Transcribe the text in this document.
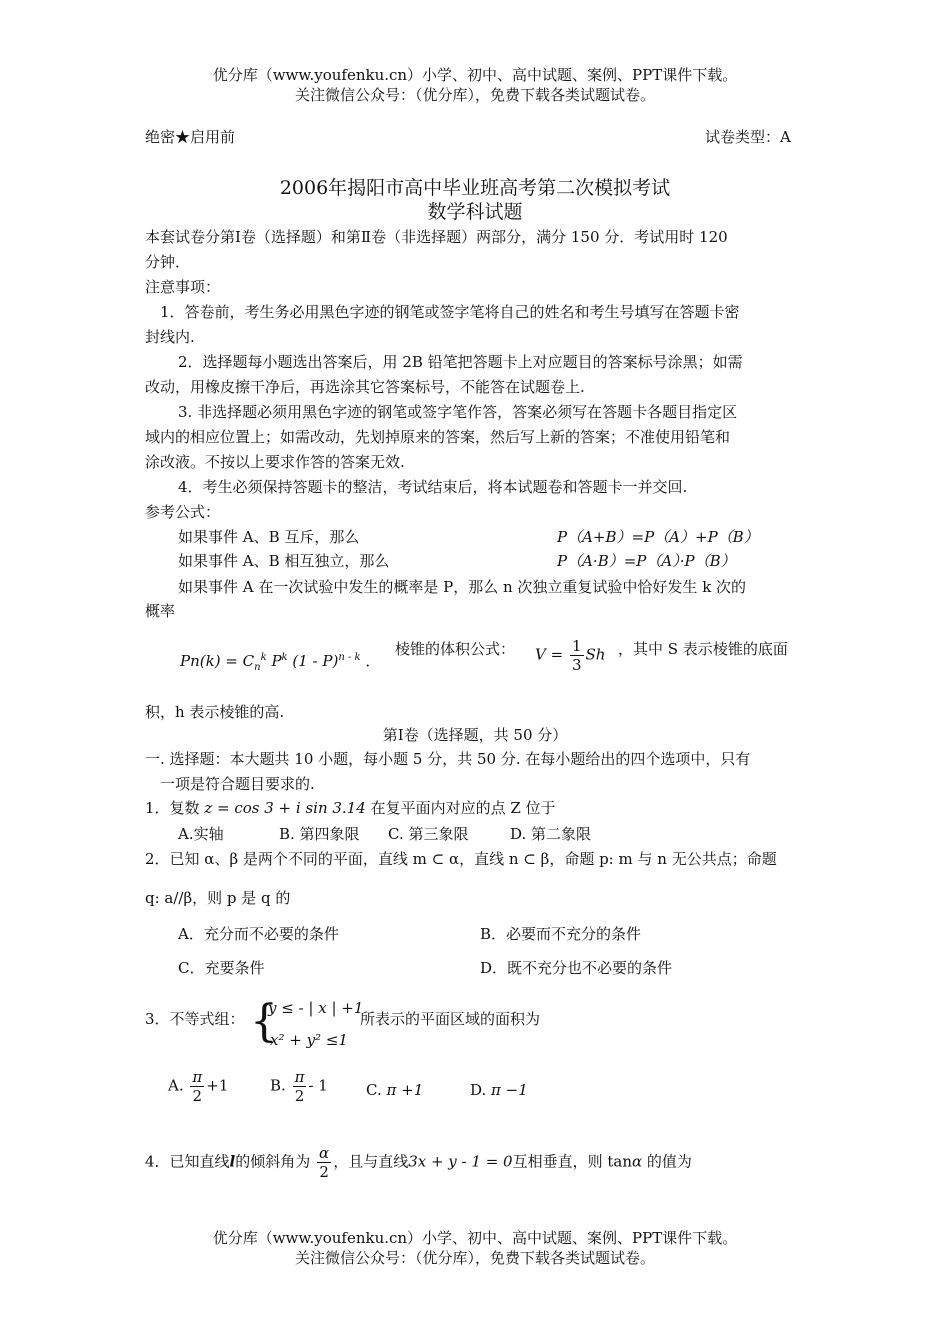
优分库（www.youfenku.cn）小学、初中、高中试题、案例、PPT课件下载。
关注微信公众号：（优分库），免费下载各类试题试卷。
绝密★启用前	试卷类型：A
2006年揭阳市高中毕业班高考第二次模拟考试
数学科试题
本套试卷分第Ⅰ卷（选择题）和第Ⅱ卷（非选择题）两部分，满分 150 分．考试用时 120
分钟．
注意事项：
1．答卷前，考生务必用黑色字迹的钢笔或签字笔将自己的姓名和考生号填写在答题卡密
封线内.
2．选择题每小题选出答案后，用 2B 铅笔把答题卡上对应题目的答案标号涂黑；如需
改动，用橡皮擦干净后，再选涂其它答案标号，不能答在试题卷上.
3. 非选择题必须用黑色字迹的钢笔或签字笔作答，答案必须写在答题卡各题目指定区
域内的相应位置上；如需改动，先划掉原来的答案，然后写上新的答案；不准使用铅笔和
涂改液。不按以上要求作答的答案无效.
4．考生必须保持答题卡的整洁，考试结束后，将本试题卷和答题卡一并交回.
参考公式：
如果事件 A、B 互斥，那么	P（A+B）=P（A）+P（B）
如果事件 A、B 相互独立，那么	P（A·B）=P（A）·P（B）
如果事件 A 在一次试验中发生的概率是 P，那么 n 次独立重复试验中恰好发生 k 次的
概率
$Pn(k) = C_n^k$ $P^k$ (1 - P)$^{n - k}$ ．
棱锥的体积公式： $V = \frac{1}{3}$ Sh ，其中 S 表示棱锥的底面
积，h 表示棱锥的高.
第Ⅰ卷（选择题，共 50 分）
一. 选择题：本大题共 10 小题，每小题 5 分，共 50 分. 在每小题给出的四个选项中，只有
一项是符合题目要求的.
1．复数 z = cos 3 + i sin 3.14 在复平面内对应的点 Z 位于
A.实轴	B. 第四象限 C. 第三象限	D. 第二象限
2．已知 α、β 是两个不同的平面，直线 m ⊂ α，直线 n ⊂ β，命题 p: m 与 n 无公共点；命题
q: a//β，则 p 是 q 的
A．充分而不必要的条件	B．必要而不充分的条件
C．充要条件	D．既不充分也不必要的条件
3．不等式组： {
y ≤ - | x | +1
x² + y² ≤1
所表示的平面区域的面积为
A. $\frac{\pi}{2} +1$	B. $\frac{\pi}{2} - 1$	C. π +1	D. π −1
4．已知直线l的倾斜角为 $\frac{\alpha}{2}$ ，且与直线3x + y - 1 = 0互相垂直，则 tanα 的值为
优分库（www.youfenku.cn）小学、初中、高中试题、案例、PPT课件下载。
关注微信公众号：（优分库），免费下载各类试题试卷。
